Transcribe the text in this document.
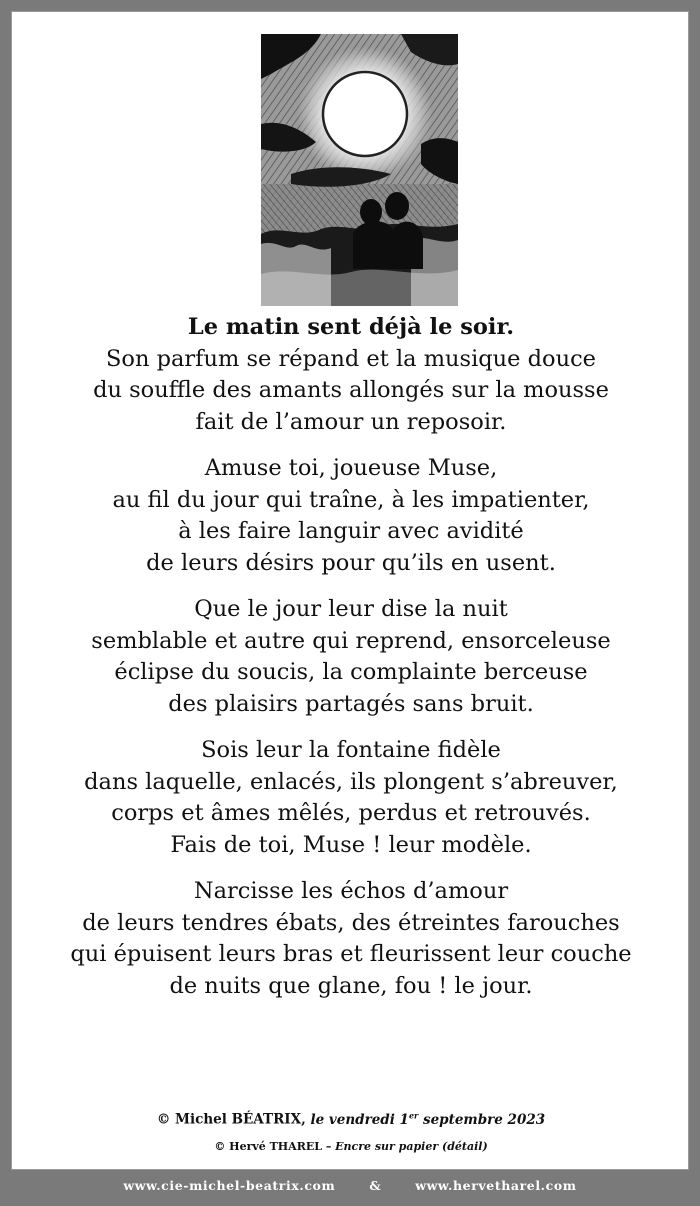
Le matin sent déjà le soir.
Son parfum se répand et la musique douce
du souffle des amants allongés sur la mousse
fait de l’amour un reposoir.
Amuse toi, joueuse Muse,
au fil du jour qui traîne, à les impatienter,
à les faire languir avec avidité
de leurs désirs pour qu’ils en usent.
Que le jour leur dise la nuit
semblable et autre qui reprend, ensorceleuse
éclipse du soucis, la complainte berceuse
des plaisirs partagés sans bruit.
Sois leur la fontaine fidèle
dans laquelle, enlacés, ils plongent s’abreuver,
corps et âmes mêlés, perdus et retrouvés.
Fais de toi, Muse ! leur modèle.
Narcisse les échos d’amour
de leurs tendres ébats, des étreintes farouches
qui épuisent leurs bras et fleurissent leur couche
de nuits que glane, fou ! le jour.
© Michel BÉATRIX, le vendredi 1er septembre 2023
© Hervé THAREL – Encre sur papier (détail)
www.cie-michel-beatrix.com	&	www.hervetharel.com
